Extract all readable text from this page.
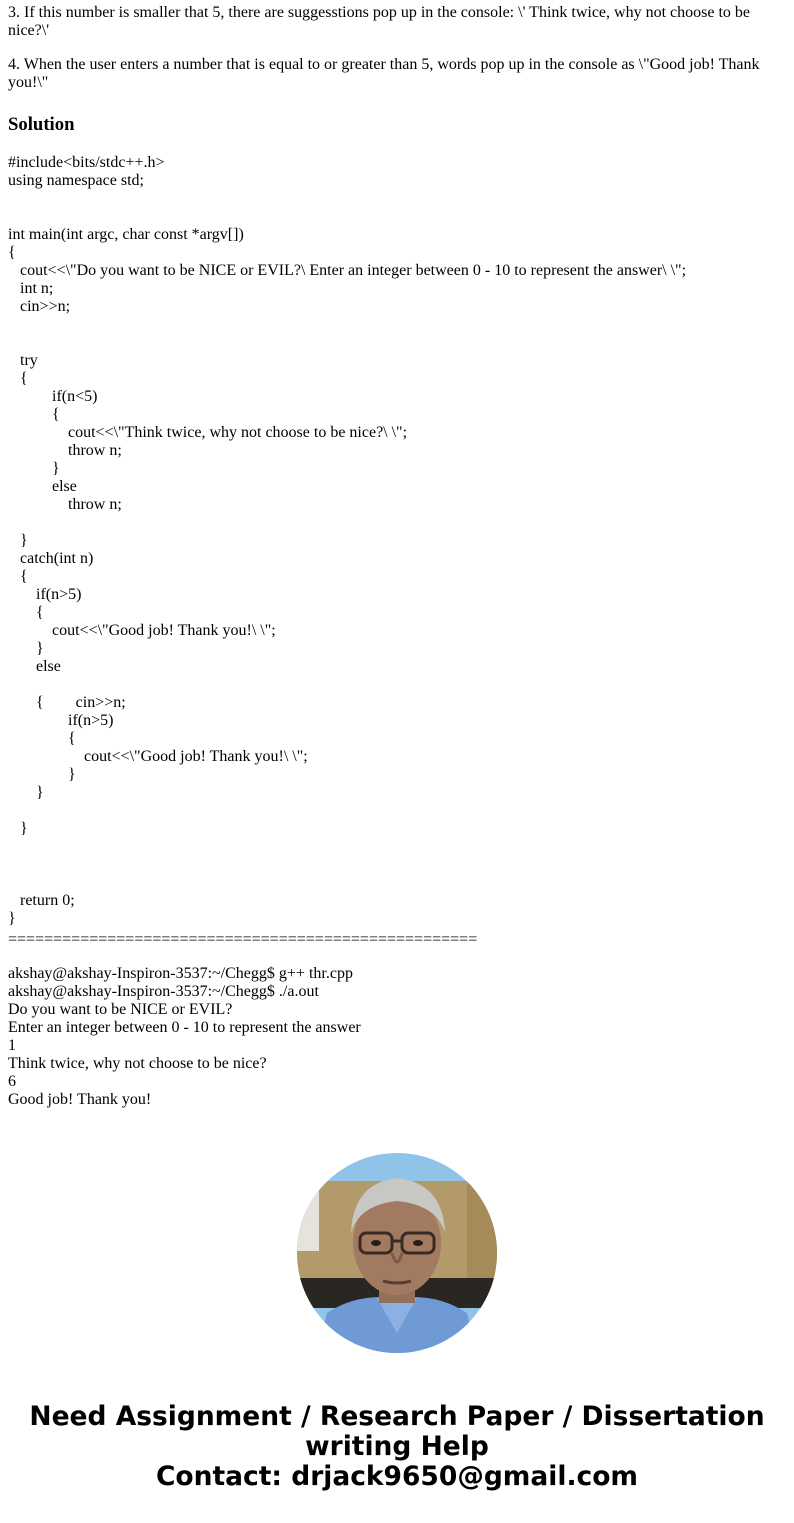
3. If this number is smaller that 5, there are suggesstions pop up in the console: \' Think twice, why not choose to be nice?\'

4. When the user enters a number that is equal to or greater than 5, words pop up in the console as \"Good job! Thank you!\"

Solution
#include<bits/stdc++.h>
using namespace std;
int main(int argc, char const *argv[])
{
cout<<\"Do you want to be NICE or EVIL?\ Enter an integer between 0 - 10 to represent the answer\ \";
int n;
cin>>n;
try
{
if(n<5)
{
cout<<\"Think twice, why not choose to be nice?\ \";
throw n;
}
else
throw n;
}
catch(int n)
{
if(n>5)
{
cout<<\"Good job! Thank you!\ \";
}
else
{        cin>>n;
if(n>5)
{
cout<<\"Good job! Thank you!\ \";
}
}
}
return 0;
}
====================================================
akshay@akshay-Inspiron-3537:~/Chegg$ g++ thr.cpp
akshay@akshay-Inspiron-3537:~/Chegg$ ./a.out
Do you want to be NICE or EVIL?
Enter an integer between 0 - 10 to represent the answer
1
Think twice, why not choose to be nice?
6
Good job! Thank you!
Need Assignment / Research Paper / Dissertation
writing Help
Contact: drjack9650@gmail.com
